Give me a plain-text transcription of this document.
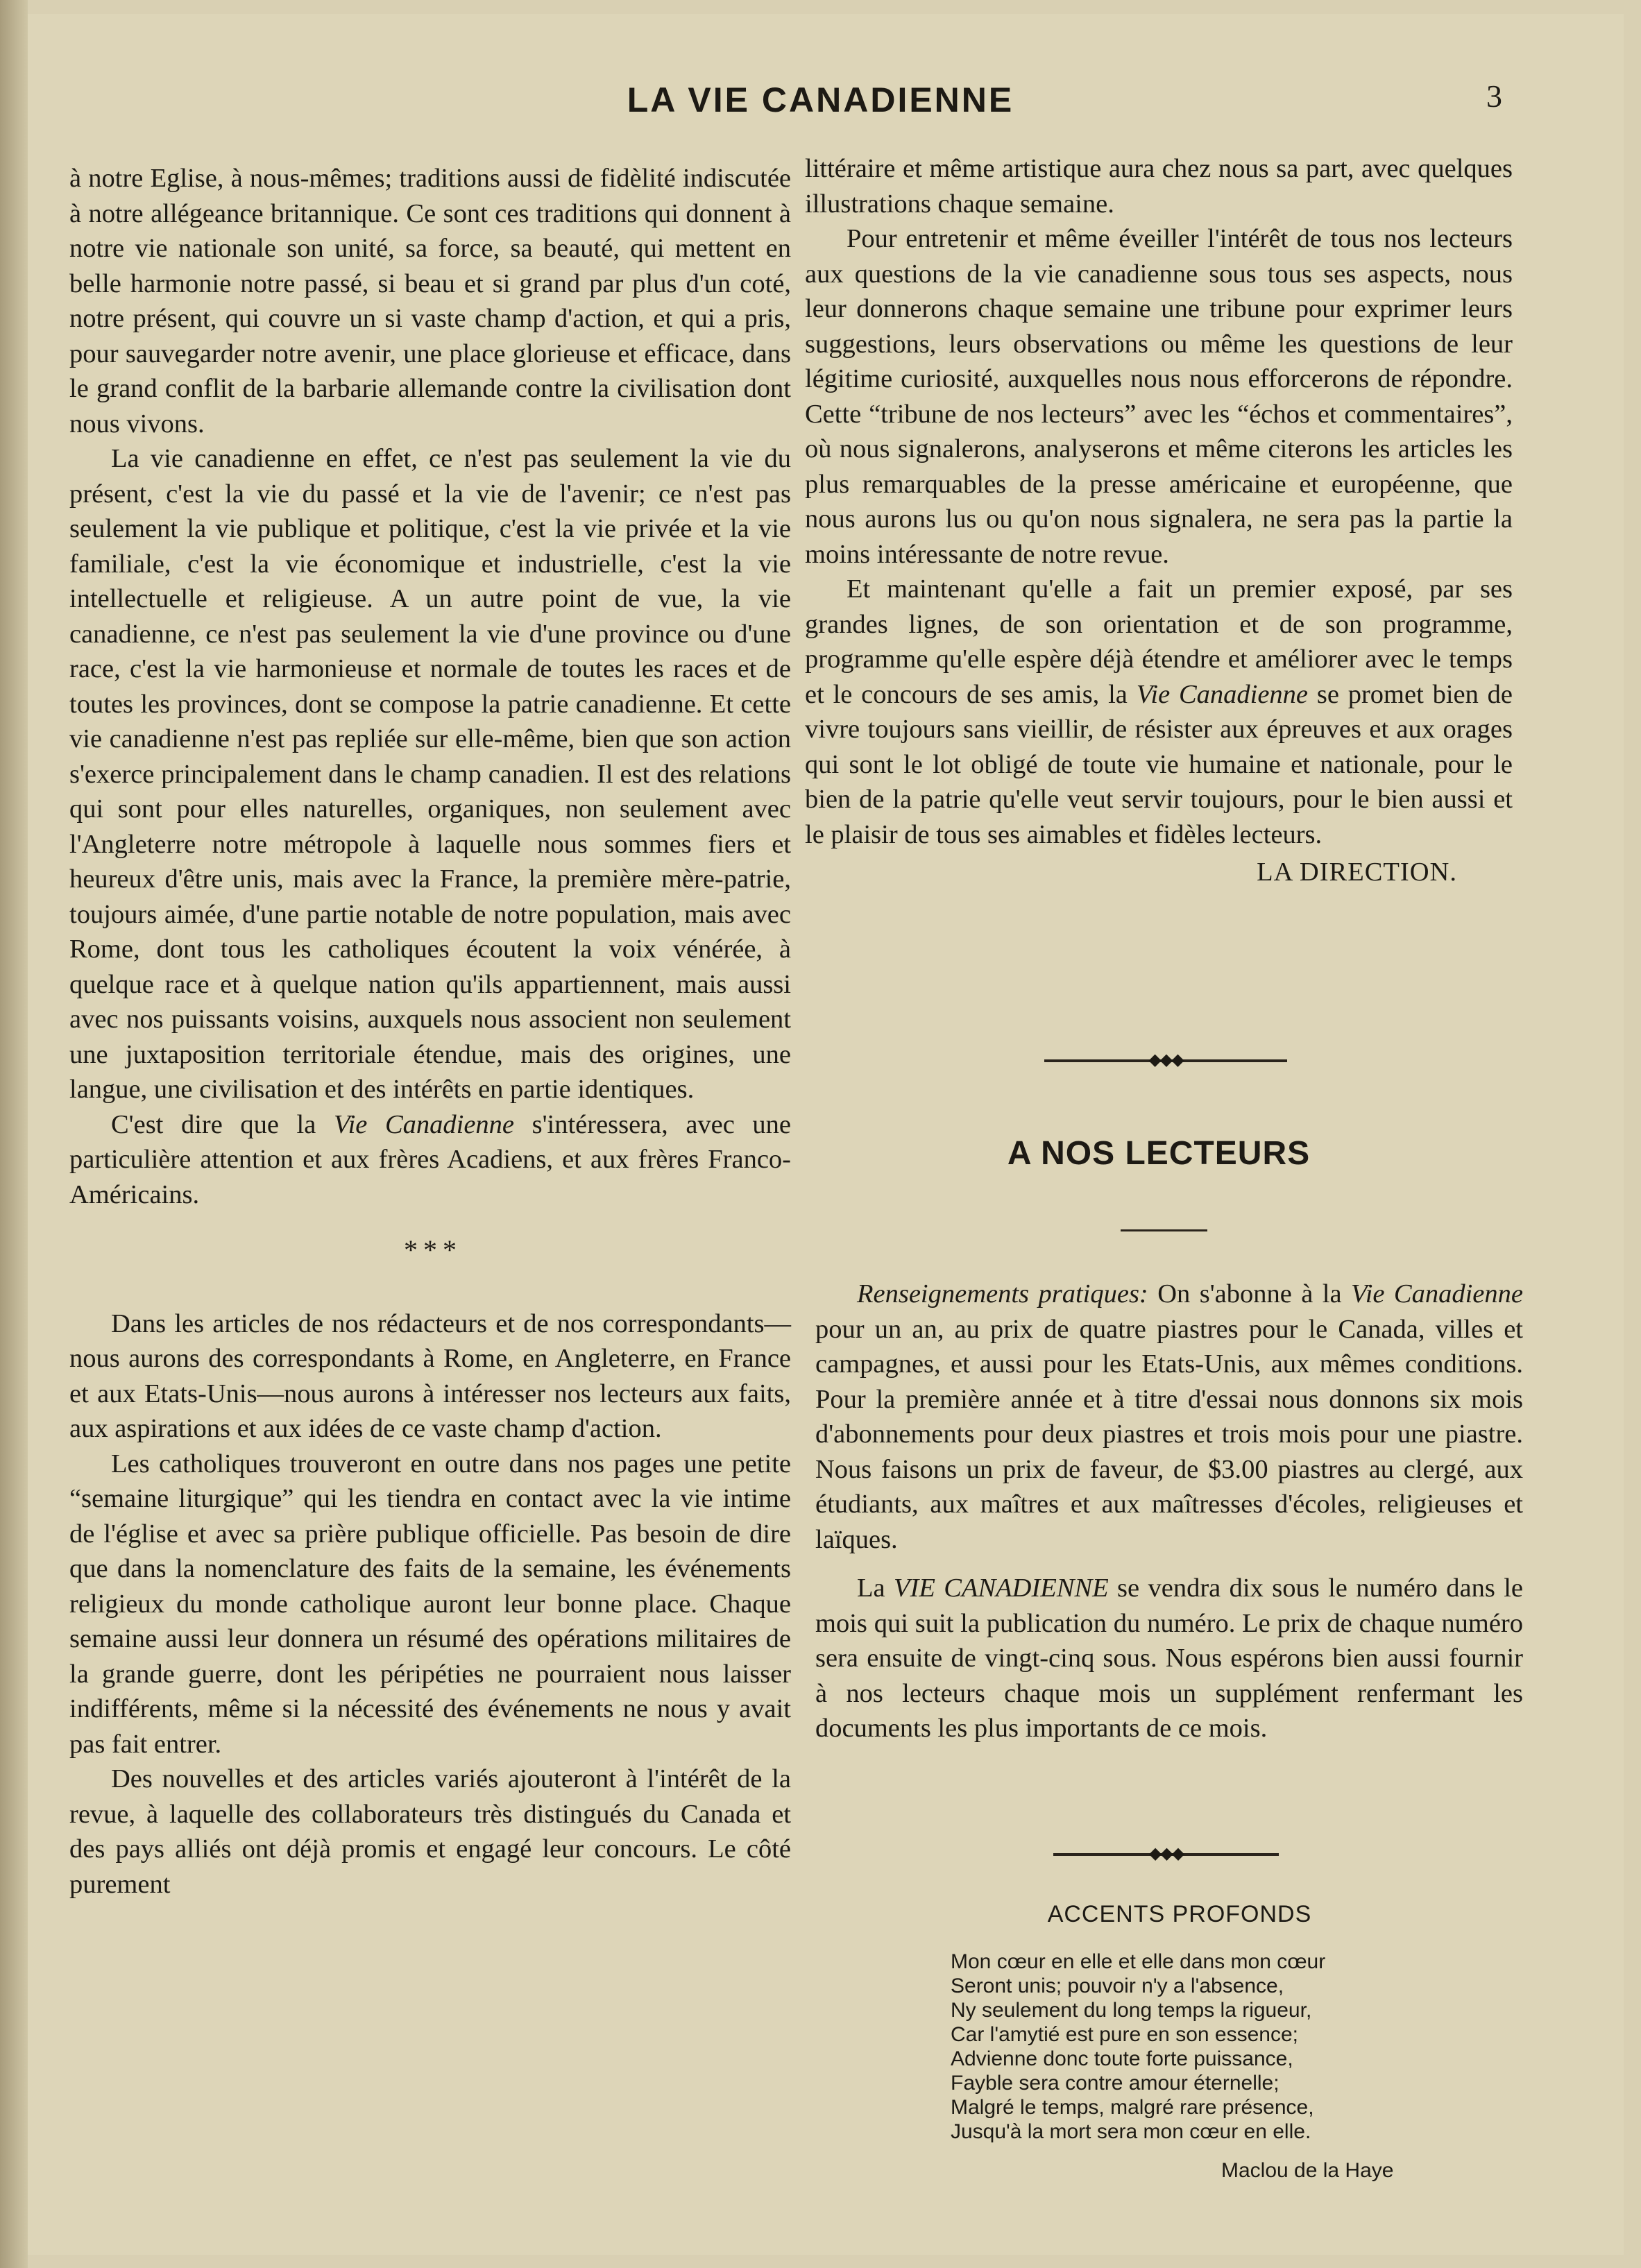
LA VIE CANADIENNE	3

à notre Eglise, à nous-mêmes; traditions aussi de fidèlité indiscutée à notre allégeance britannique. Ce sont ces traditions qui donnent à notre vie nationale son unité, sa force, sa beauté, qui mettent en belle harmonie notre passé, si beau et si grand par plus d'un coté, notre présent, qui couvre un si vaste champ d'action, et qui a pris, pour sauvegarder notre avenir, une place glorieuse et efficace, dans le grand conflit de la barbarie allemande contre la civilisation dont nous vivons.

La vie canadienne en effet, ce n'est pas seulement la vie du présent, c'est la vie du passé et la vie de l'avenir; ce n'est pas seulement la vie publique et politique, c'est la vie privée et la vie familiale, c'est la vie économique et industrielle, c'est la vie intellectuelle et religieuse. A un autre point de vue, la vie canadienne, ce n'est pas seulement la vie d'une province ou d'une race, c'est la vie harmonieuse et normale de toutes les races et de toutes les provinces, dont se compose la patrie canadienne. Et cette vie canadienne n'est pas repliée sur elle-même, bien que son action s'exerce principalement dans le champ canadien. Il est des relations qui sont pour elles naturelles, organiques, non seulement avec l'Angleterre notre métropole à laquelle nous sommes fiers et heureux d'être unis, mais avec la France, la première mère-patrie, toujours aimée, d'une partie notable de notre population, mais avec Rome, dont tous les catholiques écoutent la voix vénérée, à quelque race et à quelque nation qu'ils appartiennent, mais aussi avec nos puissants voisins, auxquels nous associent non seulement une juxtaposition territoriale étendue, mais des origines, une langue, une civilisation et des intérêts en partie identiques.

C'est dire que la Vie Canadienne s'intéressera, avec une particulière attention et aux frères Acadiens, et aux frères Franco-Américains.

* * *

Dans les articles de nos rédacteurs et de nos correspondants—nous aurons des correspondants à Rome, en Angleterre, en France et aux Etats-Unis—nous aurons à intéresser nos lecteurs aux faits, aux aspirations et aux idées de ce vaste champ d'action.

Les catholiques trouveront en outre dans nos pages une petite “semaine liturgique” qui les tiendra en contact avec la vie intime de l'église et avec sa prière publique officielle. Pas besoin de dire que dans la nomenclature des faits de la semaine, les événements religieux du monde catholique auront leur bonne place. Chaque semaine aussi leur donnera un résumé des opérations militaires de la grande guerre, dont les péripéties ne pourraient nous laisser indifférents, même si la nécessité des événements ne nous y avait pas fait entrer.

Des nouvelles et des articles variés ajouteront à l'intérêt de la revue, à laquelle des collaborateurs très distingués du Canada et des pays alliés ont déjà promis et engagé leur concours. Le côté purement

littéraire et même artistique aura chez nous sa part, avec quelques illustrations chaque semaine.

Pour entretenir et même éveiller l'intérêt de tous nos lecteurs aux questions de la vie canadienne sous tous ses aspects, nous leur donnerons chaque semaine une tribune pour exprimer leurs suggestions, leurs observations ou même les questions de leur légitime curiosité, auxquelles nous nous efforcerons de répondre. Cette “tribune de nos lecteurs” avec les “échos et commentaires”, où nous signalerons, analyserons et même citerons les articles les plus remarquables de la presse américaine et européenne, que nous aurons lus ou qu'on nous signalera, ne sera pas la partie la moins intéressante de notre revue.

Et maintenant qu'elle a fait un premier exposé, par ses grandes lignes, de son orientation et de son programme, programme qu'elle espère déjà étendre et améliorer avec le temps et le concours de ses amis, la Vie Canadienne se promet bien de vivre toujours sans vieillir, de résister aux épreuves et aux orages qui sont le lot obligé de toute vie humaine et nationale, pour le bien de la patrie qu'elle veut servir toujours, pour le bien aussi et le plaisir de tous ses aimables et fidèles lecteurs.

LA DIRECTION.
◆◆◆
A NOS LECTEURS

Renseignements pratiques: On s'abonne à la Vie Canadienne pour un an, au prix de quatre piastres pour le Canada, villes et campagnes, et aussi pour les Etats-Unis, aux mêmes conditions. Pour la première année et à titre d'essai nous donnons six mois d'abonnements pour deux piastres et trois mois pour une piastre. Nous faisons un prix de faveur, de $3.00 piastres au clergé, aux étudiants, aux maîtres et aux maîtresses d'écoles, religieuses et laïques.

La VIE CANADIENNE se vendra dix sous le numéro dans le mois qui suit la publication du numéro. Le prix de chaque numéro sera ensuite de vingt-cinq sous. Nous espérons bien aussi fournir à nos lecteurs chaque mois un supplément renfermant les documents les plus importants de ce mois.

◆◆◆
ACCENTS PROFONDS
Mon cœur en elle et elle dans mon cœur
Seront unis; pouvoir n'y a l'absence,
Ny seulement du long temps la rigueur,
Car l'amytié est pure en son essence;
Advienne donc toute forte puissance,
Fayble sera contre amour éternelle;
Malgré le temps, malgré rare présence,
Jusqu'à la mort sera mon cœur en elle.
Maclou de la Haye
